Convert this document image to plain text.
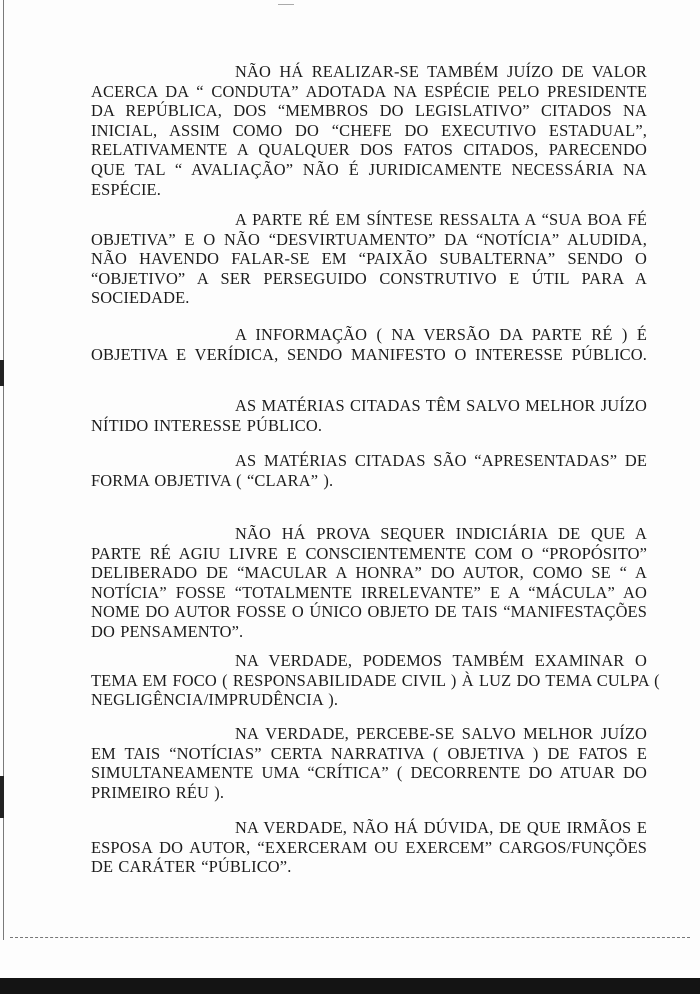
NÃO HÁ REALIZAR-SE TAMBÉM JUÍZO DE VALOR
ACERCA DA “ CONDUTA” ADOTADA NA ESPÉCIE PELO PRESIDENTE
DA REPÚBLICA, DOS “MEMBROS DO LEGISLATIVO” CITADOS NA
INICIAL, ASSIM COMO DO “CHEFE DO EXECUTIVO ESTADUAL”,
RELATIVAMENTE A QUALQUER DOS FATOS CITADOS, PARECENDO
QUE TAL “ AVALIAÇÃO” NÃO É JURIDICAMENTE NECESSÁRIA NA
ESPÉCIE.
A PARTE RÉ EM SÍNTESE RESSALTA A “SUA BOA FÉ
OBJETIVA” E O NÃO “DESVIRTUAMENTO” DA “NOTÍCIA” ALUDIDA,
NÃO HAVENDO FALAR-SE EM “PAIXÃO SUBALTERNA” SENDO O
“OBJETIVO” A SER PERSEGUIDO CONSTRUTIVO E ÚTIL PARA A
SOCIEDADE.
A INFORMAÇÃO ( NA VERSÃO DA PARTE RÉ ) É
OBJETIVA E VERÍDICA, SENDO MANIFESTO O INTERESSE PÚBLICO.
AS MATÉRIAS CITADAS TÊM SALVO MELHOR JUÍZO
NÍTIDO INTERESSE PÚBLICO.
AS MATÉRIAS CITADAS SÃO “APRESENTADAS” DE
FORMA OBJETIVA ( “CLARA” ).
NÃO HÁ PROVA SEQUER INDICIÁRIA DE QUE A
PARTE RÉ AGIU LIVRE E CONSCIENTEMENTE COM O “PROPÓSITO”
DELIBERADO DE “MACULAR A HONRA” DO AUTOR, COMO SE “ A
NOTÍCIA” FOSSE “TOTALMENTE IRRELEVANTE” E A “MÁCULA” AO
NOME DO AUTOR FOSSE O ÚNICO OBJETO DE TAIS “MANIFESTAÇÕES
DO PENSAMENTO”.
NA VERDADE, PODEMOS TAMBÉM EXAMINAR O
TEMA EM FOCO ( RESPONSABILIDADE CIVIL ) À LUZ DO TEMA CULPA (
NEGLIGÊNCIA/IMPRUDÊNCIA ).
NA VERDADE, PERCEBE-SE SALVO MELHOR JUÍZO
EM TAIS “NOTÍCIAS” CERTA NARRATIVA ( OBJETIVA ) DE FATOS E
SIMULTANEAMENTE UMA “CRÍTICA” ( DECORRENTE DO ATUAR DO
PRIMEIRO RÉU ).
NA VERDADE, NÃO HÁ DÚVIDA, DE QUE IRMÃOS E
ESPOSA DO AUTOR, “EXERCERAM OU EXERCEM” CARGOS/FUNÇÕES
DE CARÁTER “PÚBLICO”.
